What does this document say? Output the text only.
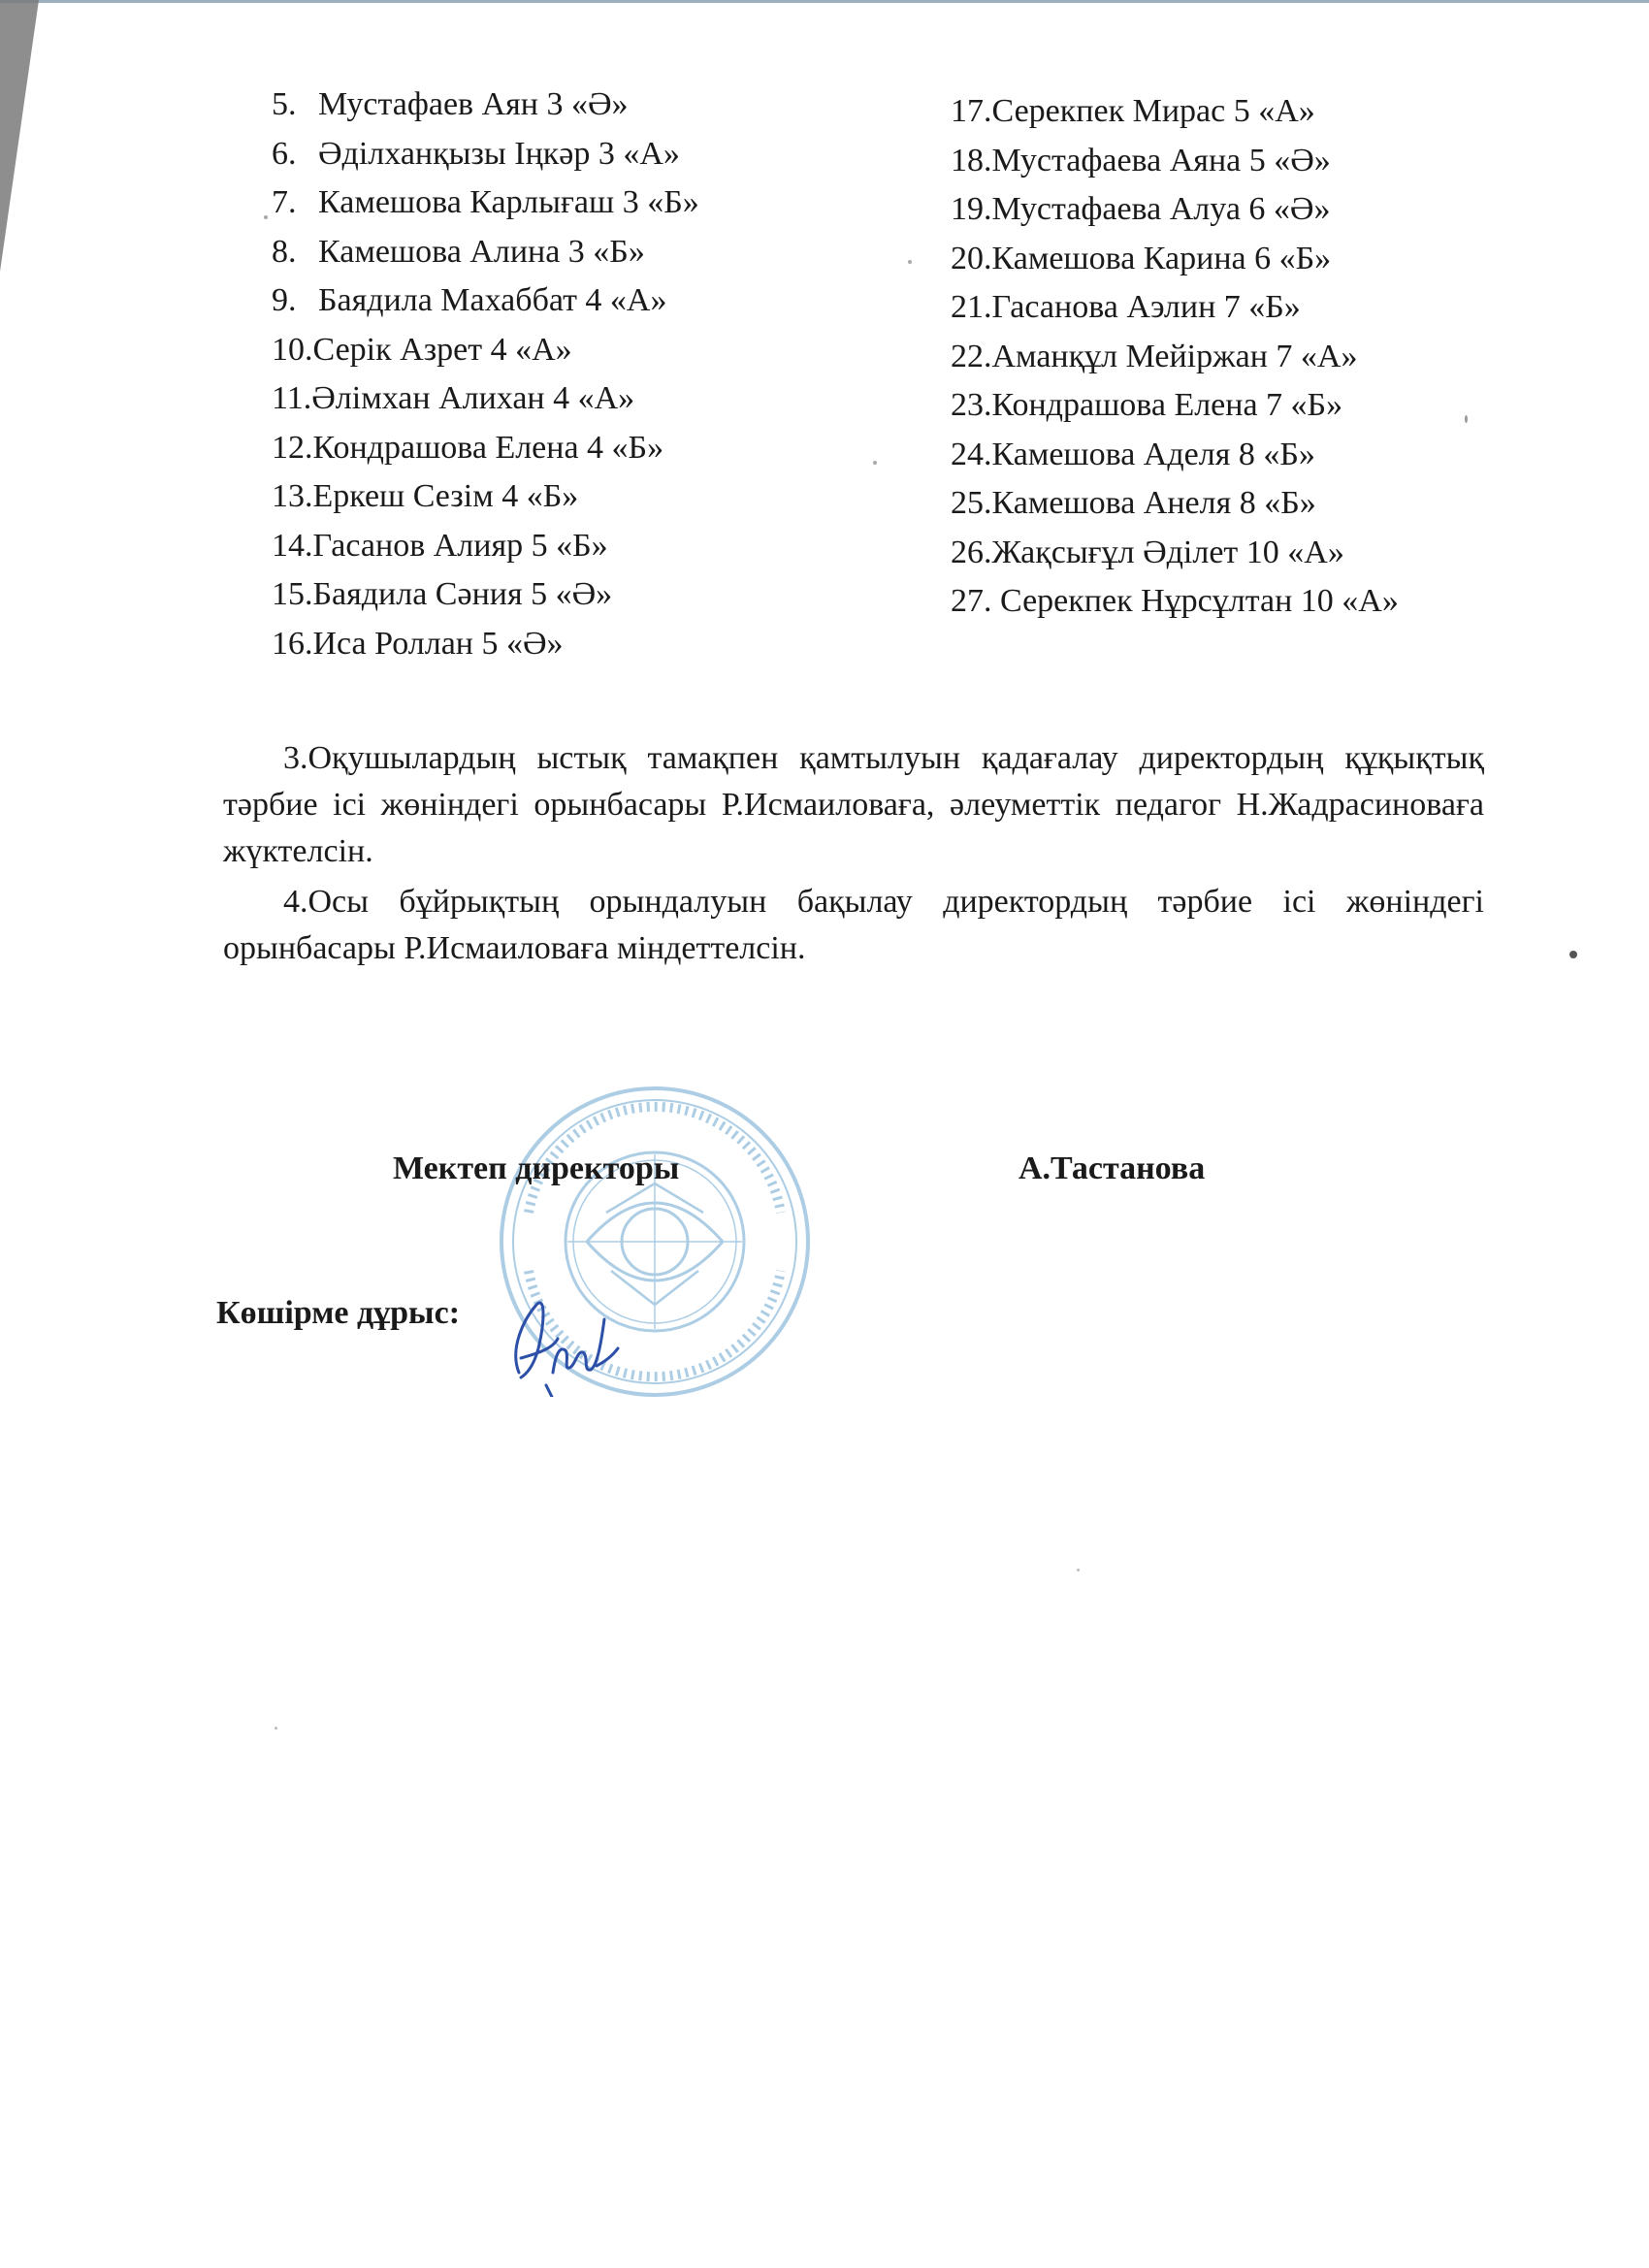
5. Мустафаев Аян 3 «Ә»
6. Әділханқызы Іңкәр 3 «А»
7. Камешова Карлығаш 3 «Б»
8. Камешова Алина 3 «Б»
9. Баядила Махаббат 4 «А»
10.Серік Азрет 4 «А»
11.Әлімхан Алихан 4 «А»
12.Кондрашова Елена 4 «Б»
13.Еркеш Сезім 4 «Б»
14.Гасанов Алияр 5 «Б»
15.Баядила Сәния 5 «Ә»
16.Иса Роллан 5 «Ә»
17.Серекпек Мирас 5 «А»
18.Мустафаева Аяна 5 «Ә»
19.Мустафаева Алуа 6 «Ә»
20.Камешова Карина 6 «Б»
21.Гасанова Аэлин 7 «Б»
22.Аманқұл Мейіржан 7 «А»
23.Кондрашова Елена 7 «Б»
24.Камешова Аделя 8 «Б»
25.Камешова Анеля 8 «Б»
26.Жақсығұл Әділет 10 «А»
27. Серекпек Нұрсұлтан 10 «А»

3.Оқушылардың ыстық тамақпен қамтылуын қадағалау директордың құқықтық тәрбие ісі жөніндегі орынбасары Р.Исмаиловаға, әлеуметтік педагог Н.Жадрасиноваға жүктелсін.

4.Осы бұйрықтың орындалуын бақылау директордың тәрбие ісі жөніндегі орынбасары Р.Исмаиловаға міндеттелсін.

Мектеп директоры	А.Тастанова
Көшірме дұрыс:
